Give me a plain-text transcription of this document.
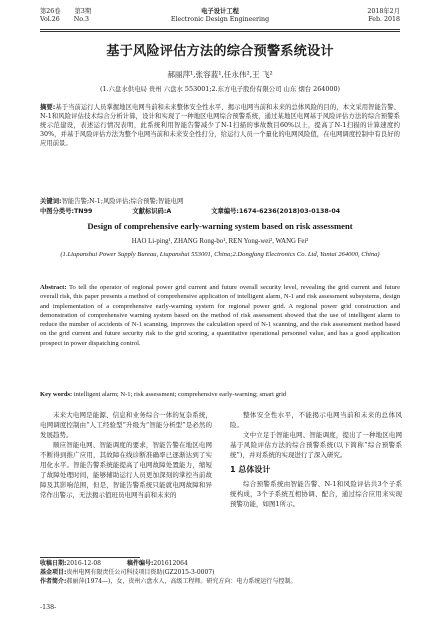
第26卷 第3期
Vol.26 No.3
电子设计工程
Electronic Design Engineering
2018年2月
Feb. 2018
基于风险评估方法的综合预警系统设计
郝丽萍¹,张容蓝¹,任永伟²,王 飞²
(1.六盘水供电局 贵州 六盘水 553001;2.东方电子股份有限公司 山东 烟台 264000)
摘要:基于当前运行人员掌握地区电网当前和未来整体安全性水平、揭示电网当前和未来的总体风险的目的，本文采用智能告警、N-1和风险评估技术综合分析计算，设计和实现了一种地区电网综合预警系统，通过某地区电网基于风险评估方法的综合预警系统示范建设，表述运行情况表明，此系统利用智能告警减少了N-1扫描的事故数目60%以上，提高了N-1扫描的计算速度约30%，并基于风险评估方法为整个电网当前和未来安全性打分，给运行人员一个量化的电网风险值，在电网调度控制中有良好的应用前景。
关键词:智能告警;N-1;风险评估;综合预警;智能电网
中图分类号:TN99	文献标识码:A	文章编号:1674-6236(2018)03-0138-04
Design of comprehensive early-warning system based on risk assessment
HAO Li-ping¹, ZHANG Rong-bo¹, REN Yong-wei², WANG Fei²
(1.Liupanshui Power Supply Bureau, Liupanshui 553001, China;2.Dongfang Electronics Co. Ltd, Yantai 264000, China)
Abstract: To tell the operator of regional power grid current and future overall security level, revealing the grid current and future overall risk, this paper presents a method of comprehensive application of intelligent alarm, N-1 and risk assessment subsystems, design and implementation of a comprehensive early-warning system for regional power grid. A regional power grid construction and demonstration of comprehensive warning system based on the method of risk assessment showed that the use of intelligent alarm to reduce the number of accidents of N-1 scanning, improves the calculation speed of N-1 scanning, and the risk assessment method based on the grid current and future security risk to the grid scoring, a quantitative operational personnel value, and has a good application prospect in power dispatching control.
Key words: intelligent alarm; N-1; risk assessment; comprehensive early-warning; smart grid

未来大电网是能源、信息和业务综合一体的复杂系统，电网调度控制由“人工经验型”升级为“智能分析型”是必然的发展趋势。

顺应智能电网、智能调度的要求，智能告警在地区电网不断得到推广应用，其故障在线诊断准确率已逐渐达到了实用化水平。智能告警系统能提高了电网故障处置能力，缩短了故障处理时间，能够辅助运行人员更加深刻的掌控当前故障及其影响范围，但是，智能告警系统只能就电网故障和异常作出警示，无法揭示值班员电网当前和未来的

整体安全性水平，不能揭示电网当前和未来的总体风险。

文中立足于智能电网、智能调度，提出了一种地区电网基于风险评估方法的综合预警系统(以下简称“综合预警系统”)，并对系统的实现进行了深入研究。

1 总体设计

综合预警系统由智能告警、N-1和风险评估共3个子系统构成，3个子系统互相协调、配合，通过综合应用来实现预警功能，如图1所示。

收稿日期:2016-12-08	稿件编号:201612064
基金项目:贵州电网有限责任公司科技项目资助(GZ2015-3-0007)
作者简介:郝丽萍(1974—)，女，贵州六盘水人，高级工程师。研究方向：电力系统运行与控制。
-138-
